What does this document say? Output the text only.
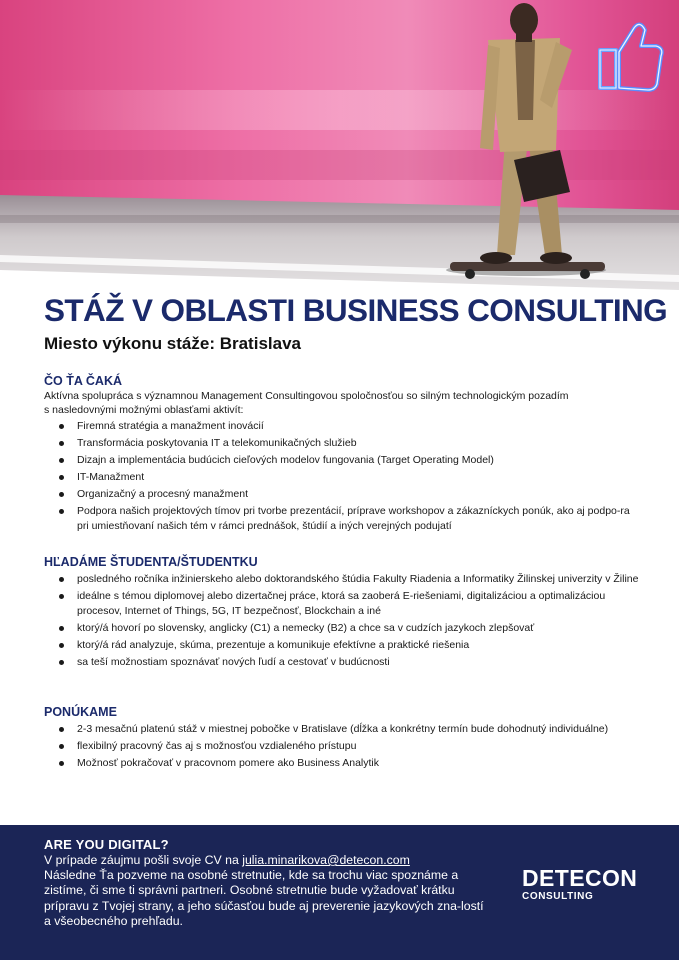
STÁŽ V OBLASTI BUSINESS CONSULTING
Miesto výkonu stáže: Bratislava
ČO ŤA ČAKÁ
Aktívna spolupráca s významnou Management Consultingovou spoločnosťou so silným technologickým pozadím
s nasledovnými možnými oblasťami aktivít:
Firemná stratégia a manažment inovácií
Transformácia poskytovania IT a telekomunikačných služieb
Dizajn a implementácia budúcich cieľových modelov fungovania (Target Operating Model)
IT-Manažment
Organizačný a procesný manažment
Podpora našich projektových tímov pri tvorbe prezentácií, príprave workshopov a zákazníckych ponúk, ako aj podpo-ra pri umiestňovaní našich tém v rámci prednášok, štúdií a iných verejných podujatí
HĽADÁME ŠTUDENTA/ŠTUDENTKU
posledného ročníka inžinierskeho alebo doktorandského štúdia Fakulty Riadenia a Informatiky Žilinskej univerzity v Žiline
ideálne s témou diplomovej alebo dizertačnej práce, ktorá sa zaoberá E-riešeniami, digitalizáciou a optimalizáciou procesov, Internet of Things, 5G, IT bezpečnosť, Blockchain a iné
ktorý/á hovorí po slovensky, anglicky (C1) a nemecky (B2) a chce sa v cudzích jazykoch zlepšovať
ktorý/á rád analyzuje, skúma, prezentuje a komunikuje efektívne a praktické riešenia
sa teší možnostiam spoznávať nových ľudí a cestovať v budúcnosti
PONÚKAME
2-3 mesačnú platenú stáž v miestnej pobočke v Bratislave (dĺžka a konkrétny termín bude dohodnutý individuálne)
flexibilný pracovný čas aj s možnosťou vzdialeného prístupu
Možnosť pokračovať v pracovnom pomere ako Business Analytik
ARE YOU DIGITAL?
V prípade záujmu pošli svoje CV na julia.minarikova@detecon.com
Následne Ťa pozveme na osobné stretnutie, kde sa trochu viac spoznáme a zistíme, či sme ti správni partneri. Osobné stretnutie bude vyžadovať krátku prípravu z Tvojej strany, a jeho súčasťou bude aj preverenie jazykových zna-lostí a všeobecného prehľadu.
DETECON
CONSULTING
